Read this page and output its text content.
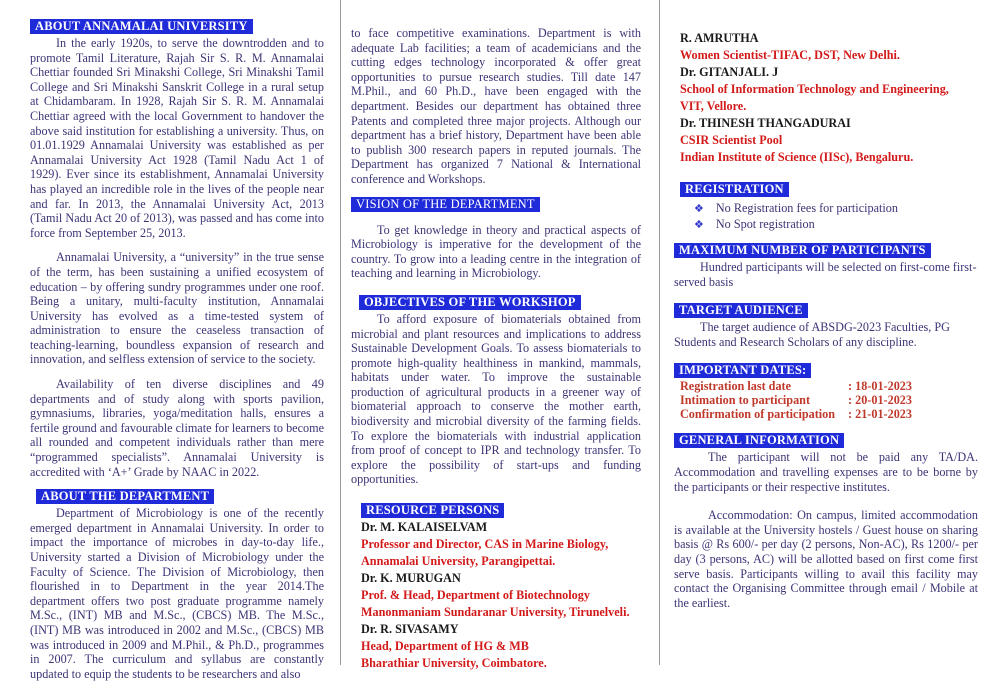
ABOUT ANNAMALAI UNIVERSITY

In the early 1920s, to serve the downtrodden and to promote Tamil Literature, Rajah Sir S. R. M. Annamalai Chettiar founded Sri Minakshi College, Sri Minakshi Tamil College and Sri Minakshi Sanskrit College in a rural setup at Chidambaram. In 1928, Rajah Sir S. R. M. Annamalai Chettiar agreed with the local Government to handover the above said institution for establishing a university. Thus, on 01.01.1929 Annamalai University was established as per Annamalai University Act 1928 (Tamil Nadu Act 1 of 1929). Ever since its establishment, Annamalai University has played an incredible role in the lives of the people near and far. In 2013, the Annamalai University Act, 2013 (Tamil Nadu Act 20 of 2013), was passed and has come into force from September 25, 2013.

Annamalai University, a “university” in the true sense of the term, has been sustaining a unified ecosystem of education – by offering sundry programmes under one roof. Being a unitary, multi-faculty institution, Annamalai University has evolved as a time-tested system of administration to ensure the ceaseless transaction of teaching-learning, boundless expansion of research and innovation, and selfless extension of service to the society.

Availability of ten diverse disciplines and 49 departments and of study along with sports pavilion, gymnasiums, libraries, yoga/meditation halls, ensures a fertile ground and favourable climate for learners to become all rounded and competent individuals rather than mere “programmed specialists”. Annamalai University is accredited with ‘A+’ Grade by NAAC in 2022.

ABOUT THE DEPARTMENT

Department of Microbiology is one of the recently emerged department in Annamalai University. In order to impact the importance of microbes in day-to-day life., University started a Division of Microbiology under the Faculty of Science. The Division of Microbiology, then flourished in to Department in the year 2014.The department offers two post graduate programme namely M.Sc., (INT) MB and M.Sc., (CBCS) MB. The M.Sc., (INT) MB was introduced in 2002 and M.Sc., (CBCS) MB was introduced in 2009 and M.Phil., & Ph.D., programmes in 2007. The curriculum and syllabus are constantly updated to equip the students to be researchers and also

to face competitive examinations. Department is with adequate Lab facilities; a team of academicians and the cutting edges technology incorporated & offer great opportunities to pursue research studies. Till date 147 M.Phil., and 60 Ph.D., have been engaged with the department. Besides our department has obtained three Patents and completed three major projects. Although our department has a brief history, Department have been able to publish 300 research papers in reputed journals. The Department has organized 7 National & International conference and Workshops.

VISION OF THE DEPARTMENT

To get knowledge in theory and practical aspects of Microbiology is imperative for the development of the country. To grow into a leading centre in the integration of teaching and learning in Microbiology.

OBJECTIVES OF THE WORKSHOP

To afford exposure of biomaterials obtained from microbial and plant resources and implications to address Sustainable Development Goals. To assess biomaterials to promote high-quality healthiness in mankind, mammals, habitats under water. To improve the sustainable production of agricultural products in a greener way of biomaterial approach to conserve the mother earth, biodiversity and microbial diversity of the farming fields. To explore the biomaterials with industrial application from proof of concept to IPR and technology transfer. To explore the possibility of start-ups and funding opportunities.

RESOURCE PERSONS
Dr. M. KALAISELVAM
Professor and Director, CAS in Marine Biology,
Annamalai University, Parangipettai.
Dr. K. MURUGAN
Prof. & Head, Department of Biotechnology
Manonmaniam Sundaranar University, Tirunelveli.
Dr. R. SIVASAMY
Head, Department of HG & MB
Bharathiar University, Coimbatore.
R. AMRUTHA
Women Scientist-TIFAC, DST, New Delhi.
Dr. GITANJALI. J
School of Information Technology and Engineering,
VIT, Vellore.
Dr. THINESH THANGADURAI
CSIR Scientist Pool
Indian Institute of Science (IISc), Bengaluru.
REGISTRATION
❖ No Registration fees for participation
❖ No Spot registration
MAXIMUM NUMBER OF PARTICIPANTS

Hundred participants will be selected on first-come first-served basis

TARGET AUDIENCE

The target audience of ABSDG-2023 Faculties, PG Students and Research Scholars of any discipline.

IMPORTANT DATES:
Registration last date	: 18-01-2023
Intimation to participant	: 20-01-2023
Confirmation of participation	: 21-01-2023
GENERAL INFORMATION

The participant will not be paid any TA/DA. Accommodation and travelling expenses are to be borne by the participants or their respective institutes.

Accommodation: On campus, limited accommodation is available at the University hostels / Guest house on sharing basis @ Rs 600/- per day (2 persons, Non-AC), Rs 1200/- per day (3 persons, AC) will be allotted based on first come first serve basis. Participants willing to avail this facility may contact the Organising Committee through email / Mobile at the earliest.
